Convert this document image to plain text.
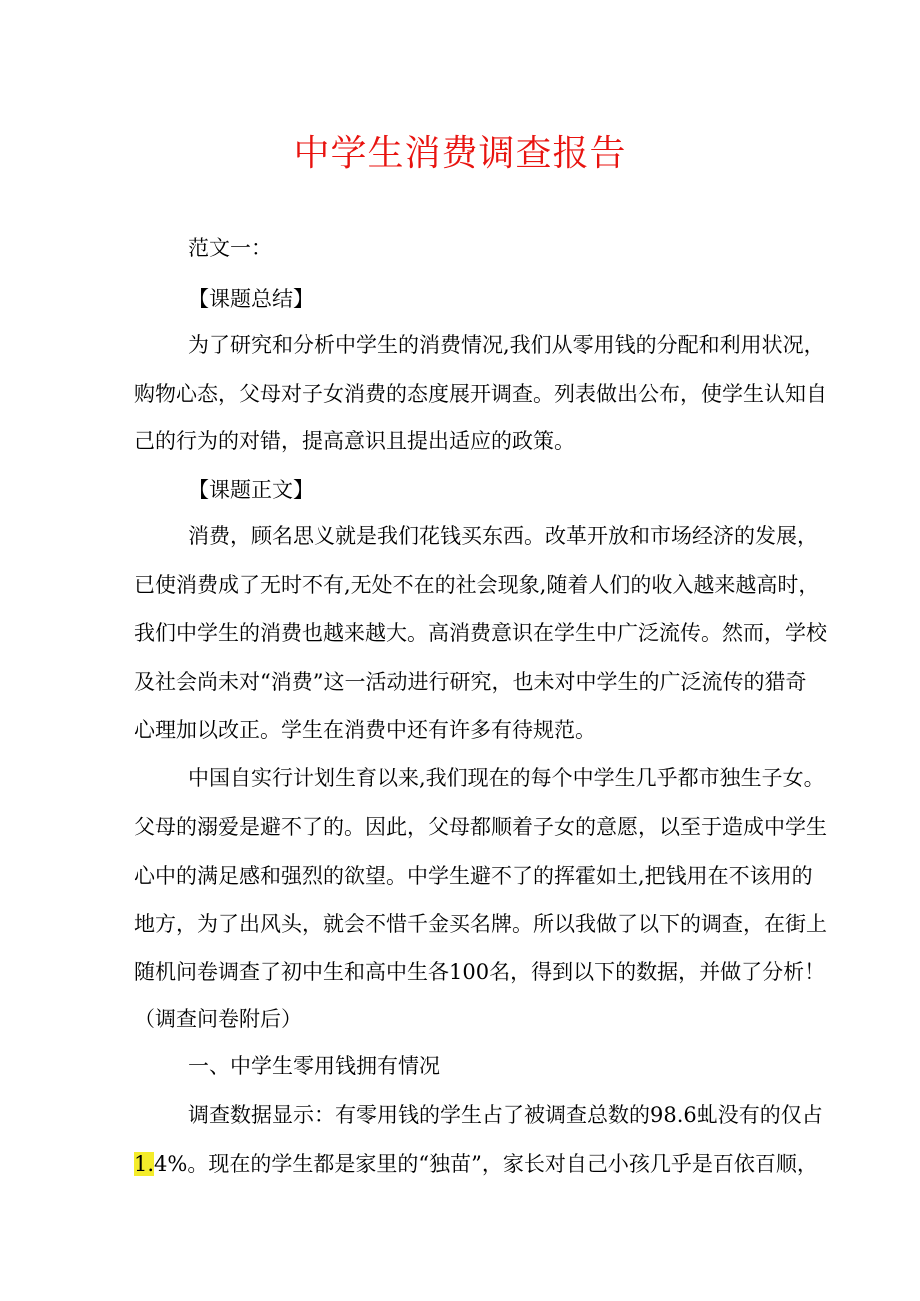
中学生消费调查报告
范文一：
【课题总结】
为了研究和分析中学生的消费情况,我们从零用钱的分配和利用状况，
购物心态，父母对子女消费的态度展开调查。列表做出公布，使学生认知自
己的行为的对错，提高意识且提出适应的政策。
【课题正文】
消费，顾名思义就是我们花钱买东西。改革开放和市场经济的发展，
已使消费成了无时不有,无处不在的社会现象,随着人们的收入越来越高时，
我们中学生的消费也越来越大。高消费意识在学生中广泛流传。然而，学校
及社会尚未对“消费”这一活动进行研究，也未对中学生的广泛流传的猎奇
心理加以改正。学生在消费中还有许多有待规范。
中国自实行计划生育以来,我们现在的每个中学生几乎都市独生子女。
父母的溺爱是避不了的。因此，父母都顺着子女的意愿，以至于造成中学生
心中的满足感和强烈的欲望。中学生避不了的挥霍如土,把钱用在不该用的
地方，为了出风头，就会不惜千金买名牌。所以我做了以下的调查，在街上
随机问卷调查了初中生和高中生各100名，得到以下的数据，并做了分析！
（调查问卷附后）
一、中学生零用钱拥有情况
调查数据显示：有零用钱的学生占了被调查总数的98.6虬没有的仅占
1.4%。现在的学生都是家里的“独苗”，家长对自己小孩几乎是百依百顺，
